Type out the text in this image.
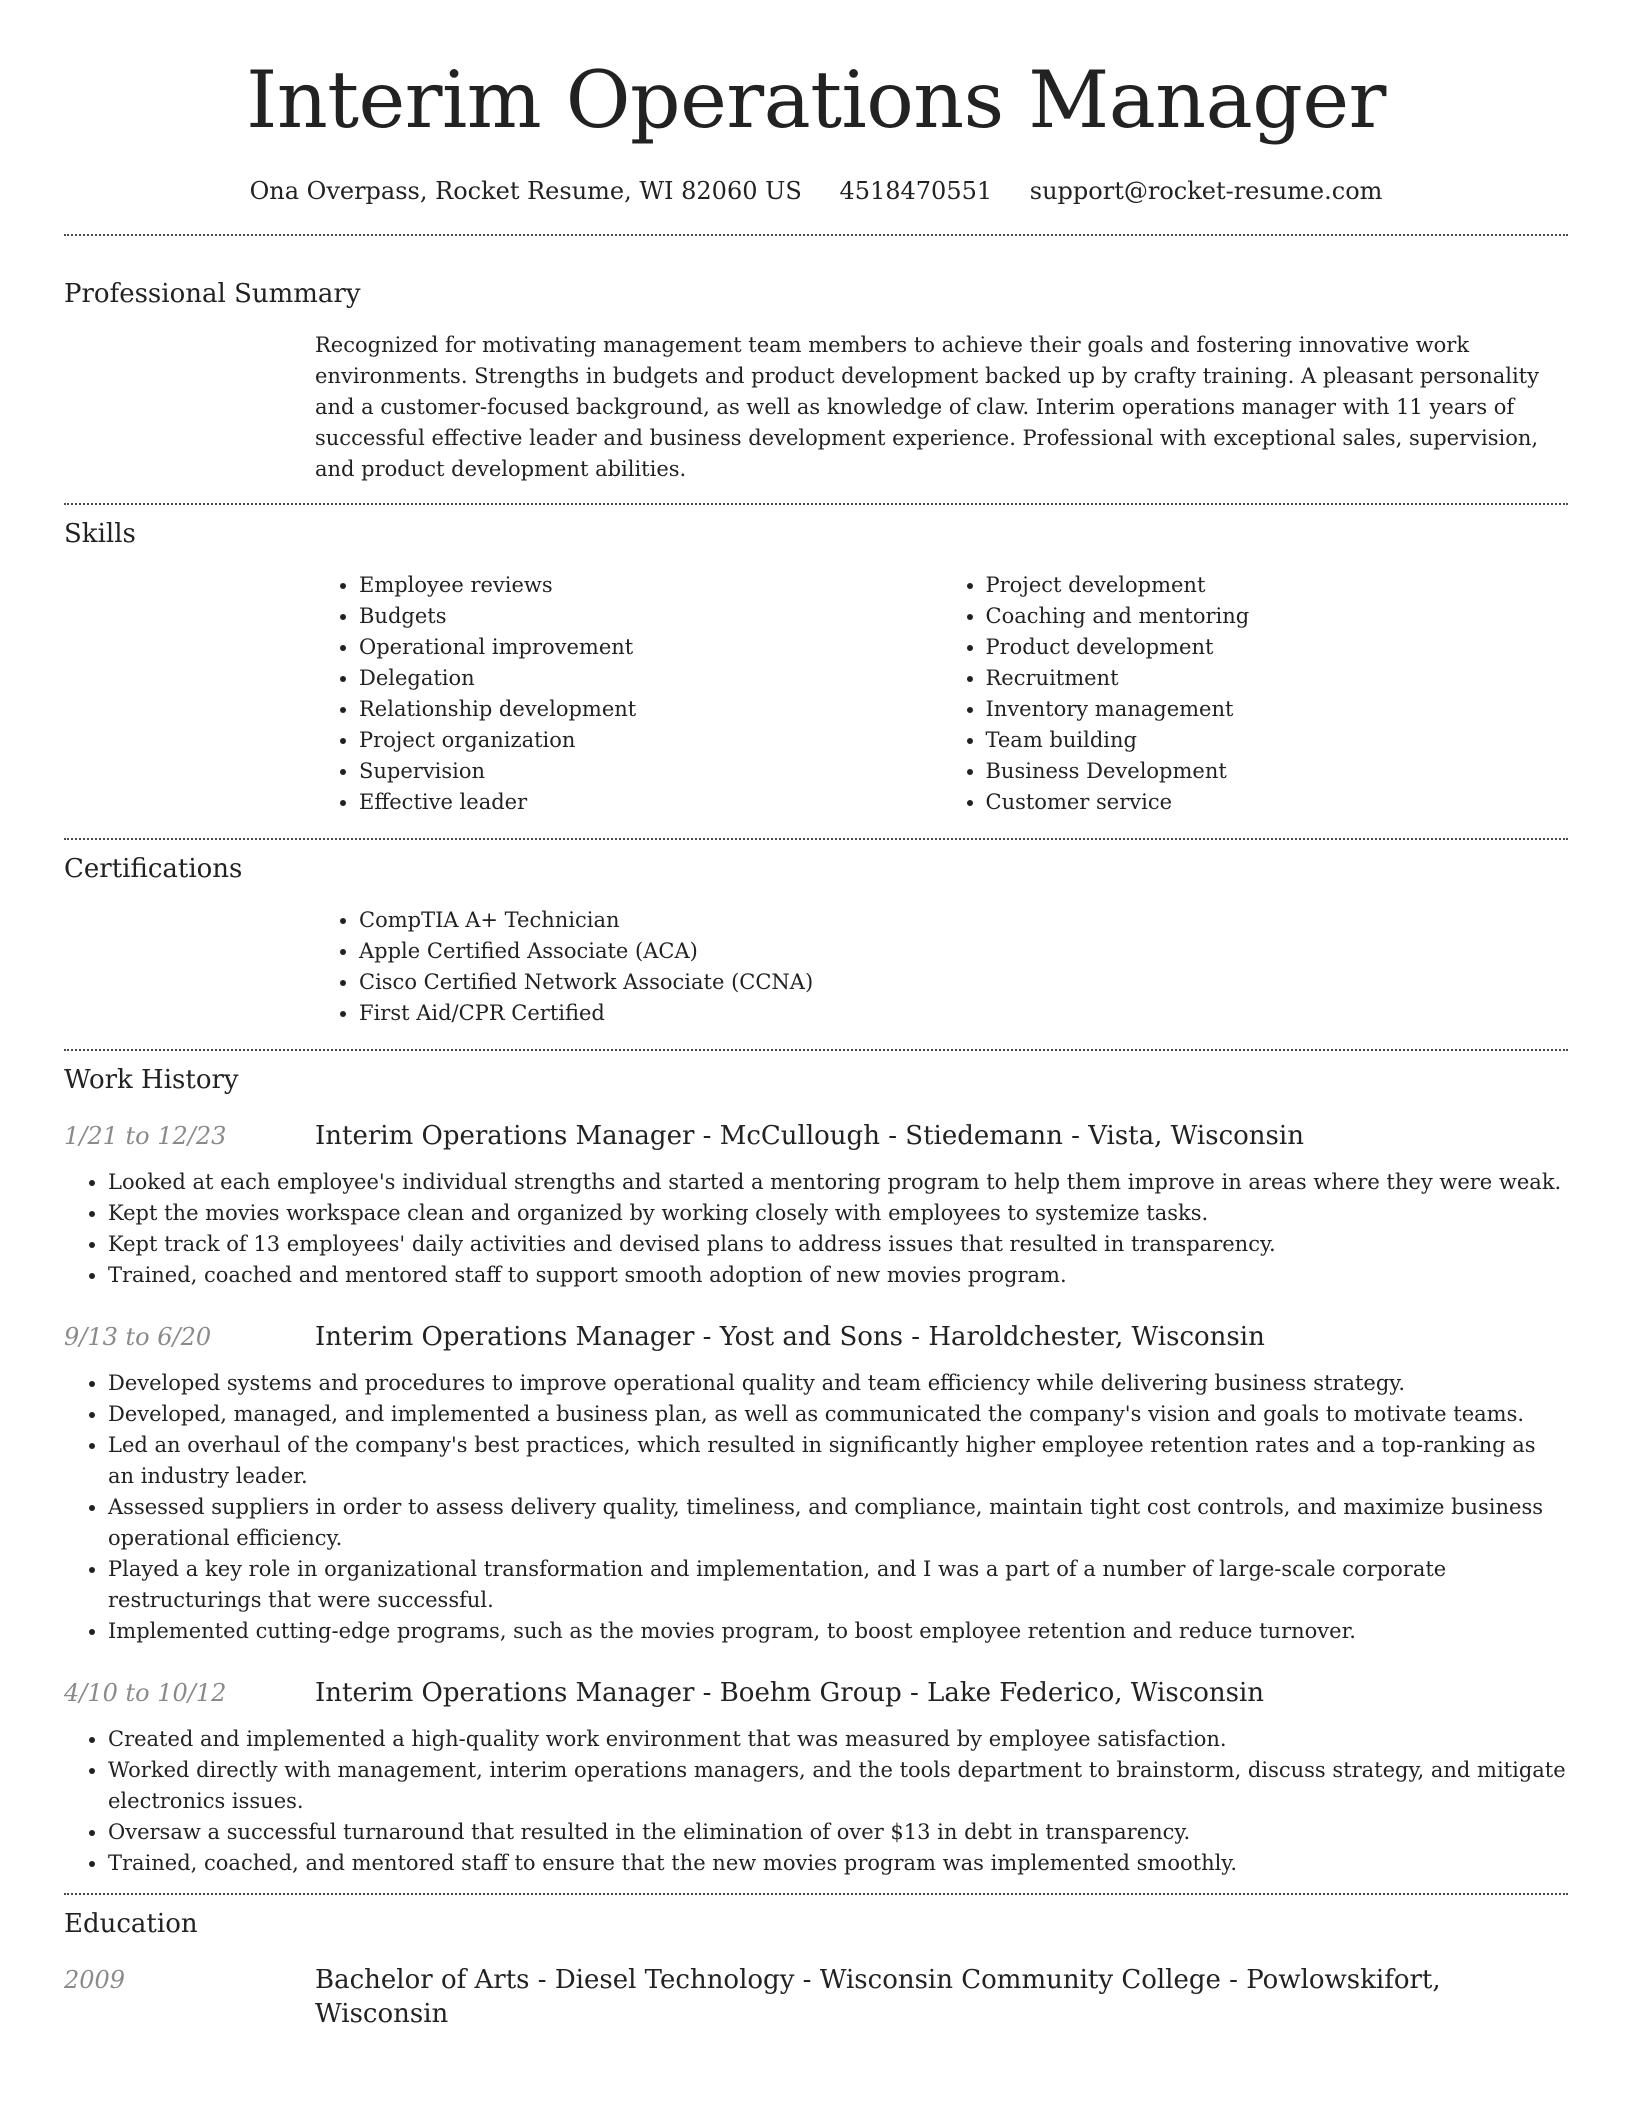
Interim Operations Manager
Ona Overpass, Rocket Resume, WI 82060 US 4518470551 support@rocket-resume.com
Professional Summary

Recognized for motivating management team members to achieve their goals and fostering innovative work environments. Strengths in budgets and product development backed up by crafty training. A pleasant personality and a customer-focused background, as well as knowledge of claw. Interim operations manager with 11 years of successful effective leader and business development experience. Professional with exceptional sales, supervision, and product development abilities.

Skills
• Employee reviews
• Budgets
• Operational improvement
• Delegation
• Relationship development
• Project organization
• Supervision
• Effective leader
• Project development
• Coaching and mentoring
• Product development
• Recruitment
• Inventory management
• Team building
• Business Development
• Customer service
Certifications
• CompTIA A+ Technician
• Apple Certified Associate (ACA)
• Cisco Certified Network Associate (CCNA)
• First Aid/CPR Certified
Work History
1/21 to 12/23	Interim Operations Manager - McCullough - Stiedemann - Vista, Wisconsin
• Looked at each employee's individual strengths and started a mentoring program to help them improve in areas where they were weak.
• Kept the movies workspace clean and organized by working closely with employees to systemize tasks.
• Kept track of 13 employees' daily activities and devised plans to address issues that resulted in transparency.
• Trained, coached and mentored staff to support smooth adoption of new movies program.
9/13 to 6/20	Interim Operations Manager - Yost and Sons - Haroldchester, Wisconsin
• Developed systems and procedures to improve operational quality and team efficiency while delivering business strategy.
• Developed, managed, and implemented a business plan, as well as communicated the company's vision and goals to motivate teams.
• Led an overhaul of the company's best practices, which resulted in significantly higher employee retention rates and a top-ranking as an industry leader.
• Assessed suppliers in order to assess delivery quality, timeliness, and compliance, maintain tight cost controls, and maximize business operational efficiency.
• Played a key role in organizational transformation and implementation, and I was a part of a number of large-scale corporate restructurings that were successful.
• Implemented cutting-edge programs, such as the movies program, to boost employee retention and reduce turnover.
4/10 to 10/12	Interim Operations Manager - Boehm Group - Lake Federico, Wisconsin
• Created and implemented a high-quality work environment that was measured by employee satisfaction.
• Worked directly with management, interim operations managers, and the tools department to brainstorm, discuss strategy, and mitigate electronics issues.
• Oversaw a successful turnaround that resulted in the elimination of over $13 in debt in transparency.
• Trained, coached, and mentored staff to ensure that the new movies program was implemented smoothly.
Education
2009	Bachelor of Arts - Diesel Technology - Wisconsin Community College - Powlowskifort, Wisconsin
